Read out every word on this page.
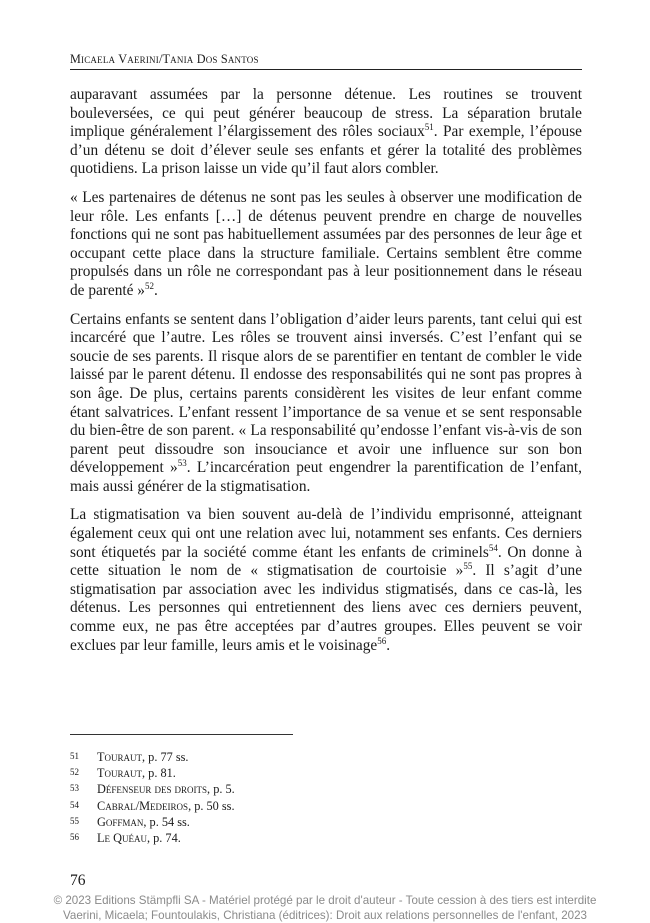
Micaela Vaerini/Tania Dos Santos

auparavant assumées par la personne détenue. Les routines se trouvent bouleversées, ce qui peut générer beaucoup de stress. La séparation brutale implique généralement l’élargissement des rôles sociaux$^{51}$. Par exemple, l’épouse d’un détenu se doit d’élever seule ses enfants et gérer la totalité des problèmes quotidiens. La prison laisse un vide qu’il faut alors combler.

« Les partenaires de détenus ne sont pas les seules à observer une modification de leur rôle. Les enfants […] de détenus peuvent prendre en charge de nouvelles fonctions qui ne sont pas habituellement assumées par des personnes de leur âge et occupant cette place dans la structure familiale. Certains semblent être comme propulsés dans un rôle ne correspondant pas à leur positionnement dans le réseau de parenté »$^{52}$.

Certains enfants se sentent dans l’obligation d’aider leurs parents, tant celui qui est incarcéré que l’autre. Les rôles se trouvent ainsi inversés. C’est l’enfant qui se soucie de ses parents. Il risque alors de se parentifier en tentant de combler le vide laissé par le parent détenu. Il endosse des responsabilités qui ne sont pas propres à son âge. De plus, certains parents considèrent les visites de leur enfant comme étant salvatrices. L’enfant ressent l’importance de sa venue et se sent responsable du bien-être de son parent. « La responsabilité qu’endosse l’enfant vis-à-vis de son parent peut dissoudre son insouciance et avoir une influence sur son bon développement »$^{53}$. L’incarcération peut engendrer la parentification de l’enfant, mais aussi générer de la stigmatisation.

La stigmatisation va bien souvent au-delà de l’individu emprisonné, atteignant également ceux qui ont une relation avec lui, notamment ses enfants. Ces derniers sont étiquetés par la société comme étant les enfants de criminels$^{54}$. On donne à cette situation le nom de « stigmatisation de courtoisie »$^{55}$. Il s’agit d’une stigmatisation par association avec les individus stigmatisés, dans ce cas-là, les détenus. Les personnes qui entretiennent des liens avec ces derniers peuvent, comme eux, ne pas être acceptées par d’autres groupes. Elles peuvent se voir exclues par leur famille, leurs amis et le voisinage$^{56}$.

51	Touraut, p. 77 ss.
52	Touraut, p. 81.
53	Défenseur des droits, p. 5.
54	Cabral/Medeiros, p. 50 ss.
55	Goffman, p. 54 ss.
56	Le Quéau, p. 74.
76
© 2023 Editions Stämpfli SA - Matériel protégé par le droit d'auteur - Toute cession à des tiers est interdite
Vaerini, Micaela; Fountoulakis, Christiana (éditrices): Droit aux relations personnelles de l'enfant, 2023
